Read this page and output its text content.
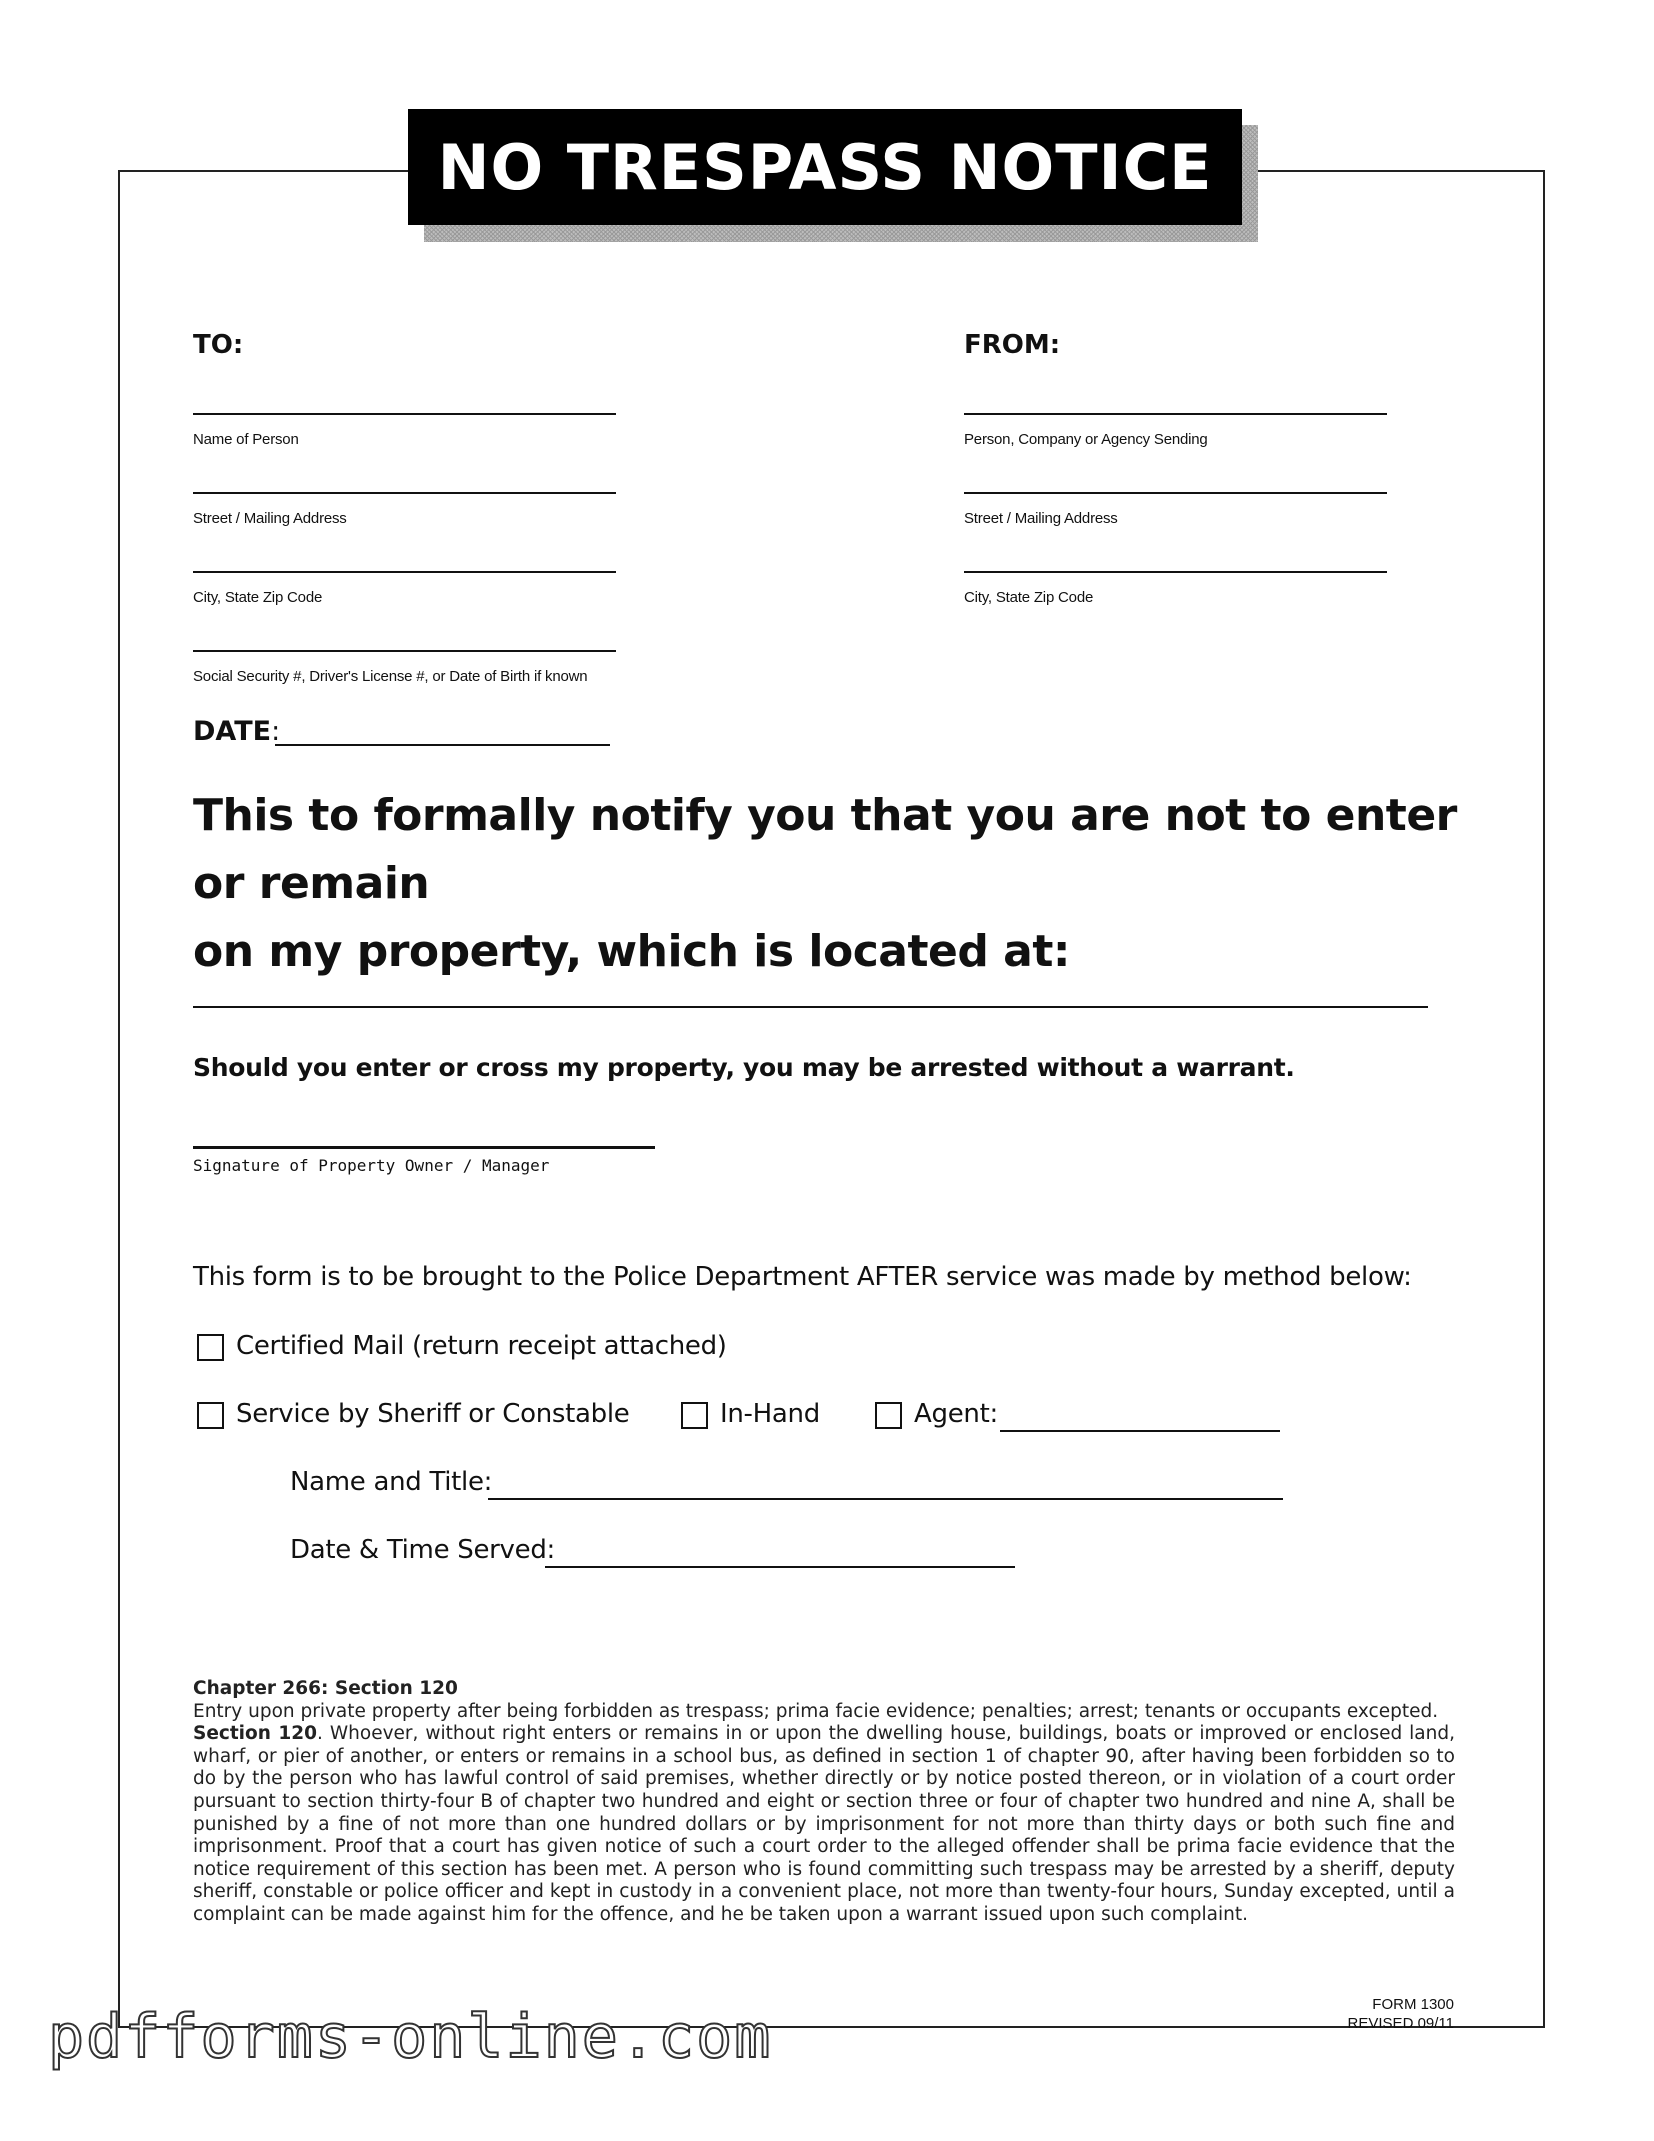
NO TRESPASS NOTICE
TO:
Name of Person
Street / Mailing Address
City, State Zip Code
Social Security #, Driver's License #, or Date of Birth if known
FROM:
Person, Company or Agency Sending
Street / Mailing Address
City, State Zip Code
DATE:
This to formally notify you that you are not to enter or remain
on my property, which is located at:
Should you enter or cross my property, you may be arrested without a warrant.
Signature of Property Owner / Manager
This form is to be brought to the Police Department AFTER service was made by method below:
Certified Mail (return receipt attached)
Service by Sheriff or Constable	In-Hand	Agent:
Name and Title:
Date & Time Served:
Chapter 266: Section 120
Entry upon private property after being forbidden as trespass; prima facie evidence; penalties; arrest; tenants or occupants excepted.
Section 120. Whoever, without right enters or remains in or upon the dwelling house, buildings, boats or improved or enclosed land, wharf, or pier of another, or enters or remains in a school bus, as defined in section 1 of chapter 90, after having been forbidden so to do by the person who has lawful control of said premises, whether directly or by notice posted thereon, or in violation of a court order pursuant to section thirty-four B of chapter two hundred and eight or section three or four of chapter two hundred and nine A, shall be punished by a fine of not more than one hundred dollars or by imprisonment for not more than thirty days or both such fine and imprisonment. Proof that a court has given notice of such a court order to the alleged offender shall be prima facie evidence that the notice requirement of this section has been met. A person who is found committing such trespass may be arrested by a sheriff, deputy sheriff, constable or police officer and kept in custody in a convenient place, not more than twenty-four hours, Sunday excepted, until a complaint can be made against him for the offence, and he be taken upon a warrant issued upon such complaint.
FORM 1300
REVISED 09/11
pdfforms-online.com
